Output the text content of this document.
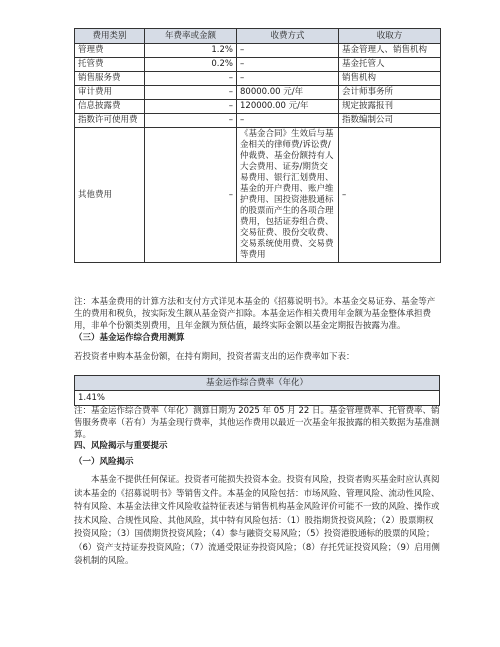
费用类别	年费率或金额	收费方式	收取方
管理费	1.2%	–	基金管理人、销售机构
托管费	0.2%	–	基金托管人
销售服务费	–	–	销售机构
审计费用	–	80000.00 元/年	会计师事务所
信息披露费	–	120000.00 元/年	规定披露报刊
指数许可使用费	–	–	指数编制公司
其他费用	–	《基金合同》生效后与基金相关的律师费/诉讼费/仲裁费、基金份额持有人大会费用、证券/期货交易费用、银行汇划费用、基金的开户费用、账户维护费用、国投资港股通标的股票而产生的各项合理费用，包括证券组合费、交易征费、股份交收费、交易系统使用费、交易费等费用	–
注：本基金费用的计算方法和支付方式详见本基金的《招募说明书》。本基金交易证券、基金等产生的费用和税负，按实际发生额从基金资产扣除。本基金运作相关费用年金额为基金整体承担费用，非单个份额类别费用，且年金额为预估值，最终实际金额以基金定期报告披露为准。
（三）基金运作综合费用测算
若投资者申购本基金份额，在持有期间，投资者需支出的运作费率如下表：
基金运作综合费率（年化）
1.41%
注：基金运作综合费率（年化）测算日期为 2025 年 05 月 22 日。基金管理费率、托管费率、销售服务费率（若有）为基金现行费率，其他运作费用以最近一次基金年报披露的相关数据为基准测算。
四、风险揭示与重要提示
（一）风险揭示
本基金不提供任何保证。投资者可能损失投资本金。投资有风险，投资者购买基金时应认真阅读本基金的《招募说明书》等销售文件。本基金的风险包括：市场风险、管理风险、流动性风险、特有风险、本基金法律文件风险收益特征表述与销售机构基金风险评价可能不一致的风险、操作或技术风险、合规性风险、其他风险，其中特有风险包括：（1）股指期货投资风险；（2）股票期权投资风险；（3）国债期货投资风险；（4）参与融资交易风险；（5）投资港股通标的股票的风险；（6）资产支持证券投资风险；（7）流通受限证券投资风险；（8）存托凭证投资风险；（9）启用侧袋机制的风险。
